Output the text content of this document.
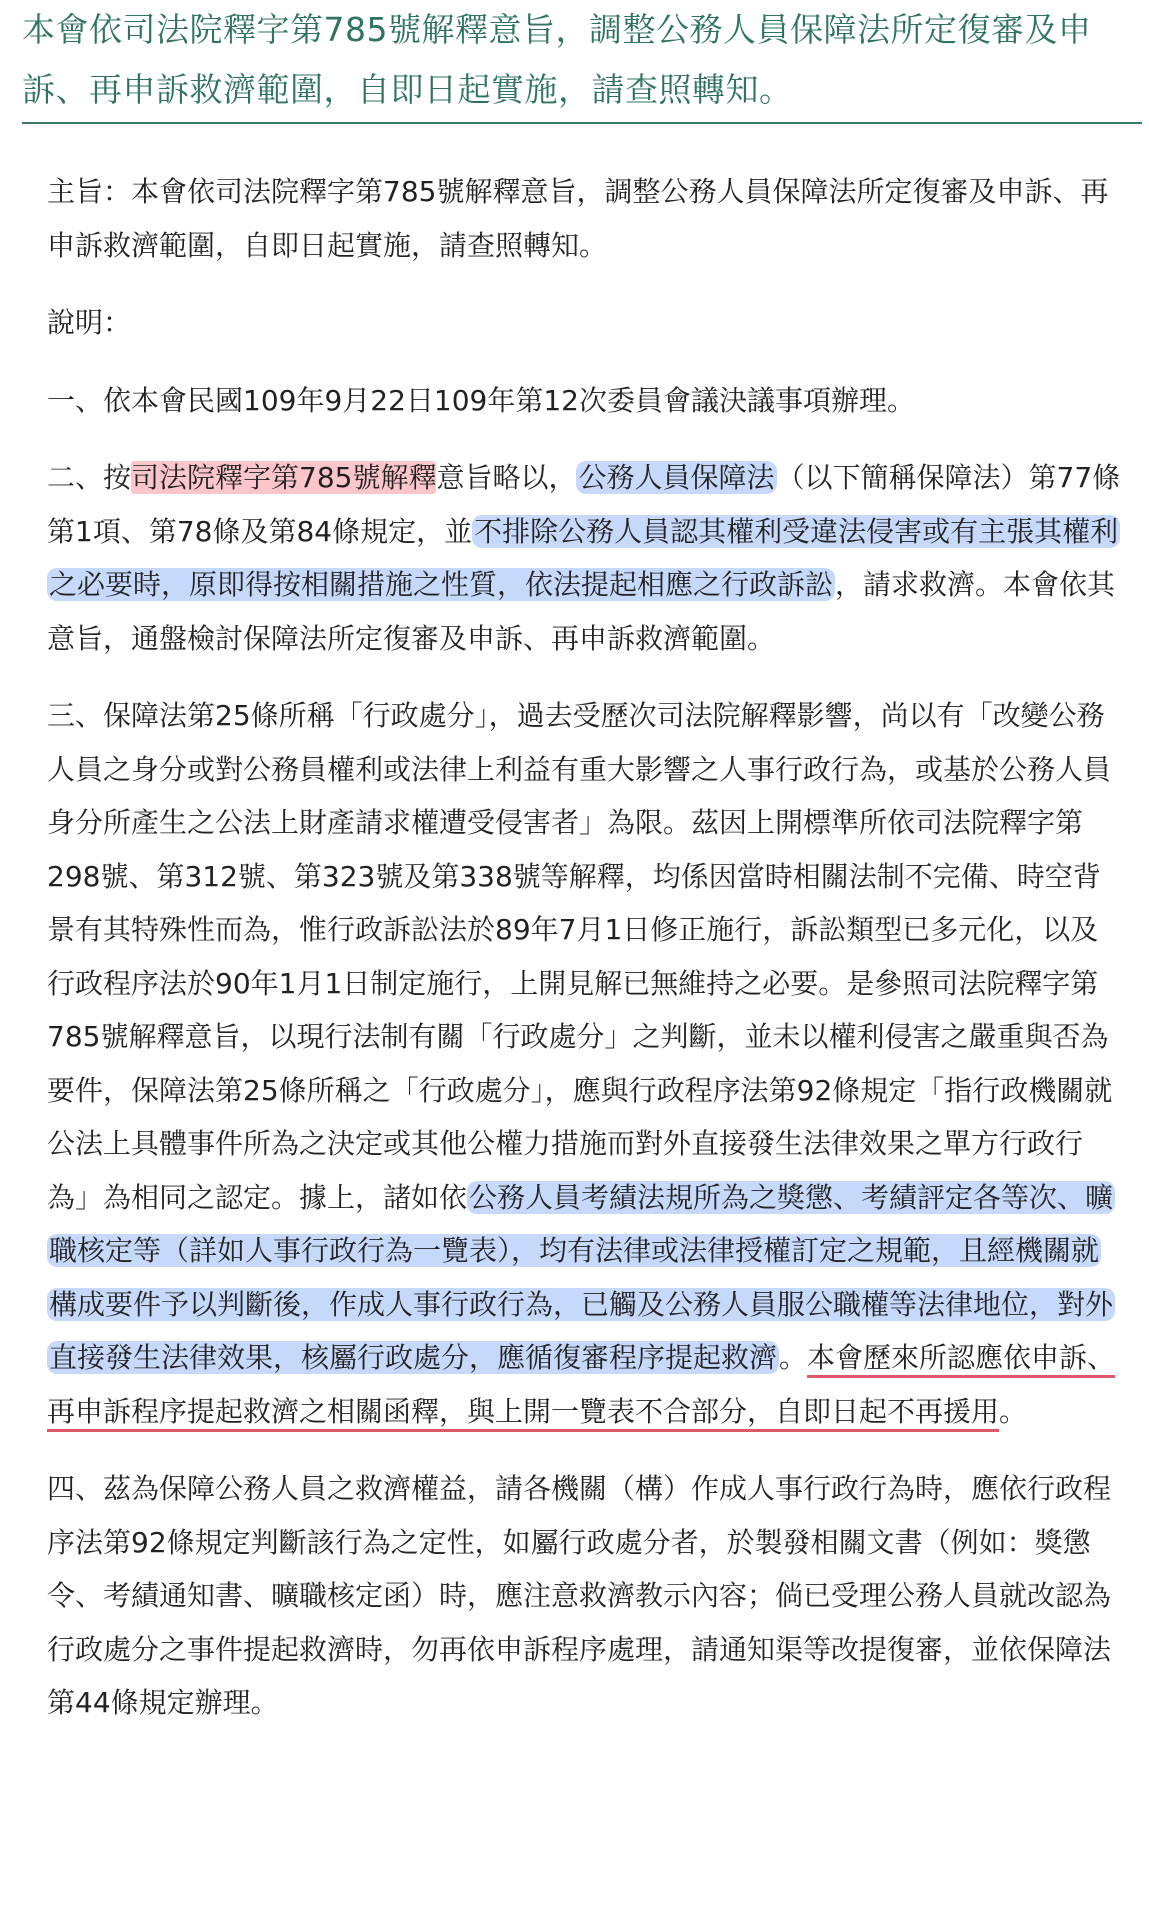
本會依司法院釋字第785號解釋意旨，調整公務人員保障法所定復審及申訴、再申訴救濟範圍，自即日起實施，請查照轉知。

主旨：本會依司法院釋字第785號解釋意旨，調整公務人員保障法所定復審及申訴、再申訴救濟範圍，自即日起實施，請查照轉知。

說明：

一、依本會民國109年9月22日109年第12次委員會議決議事項辦理。

二、按司法院釋字第785號解釋意旨略以，公務人員保障法（以下簡稱保障法）第77條第1項、第78條及第84條規定，並不排除公務人員認其權利受違法侵害或有主張其權利之必要時，原即得按相關措施之性質，依法提起相應之行政訴訟，請求救濟。本會依其意旨，通盤檢討保障法所定復審及申訴、再申訴救濟範圍。

三、保障法第25條所稱「行政處分」，過去受歷次司法院解釋影響，尚以有「改變公務人員之身分或對公務員權利或法律上利益有重大影響之人事行政行為，或基於公務人員身分所產生之公法上財產請求權遭受侵害者」為限。茲因上開標準所依司法院釋字第298號、第312號、第323號及第338號等解釋，均係因當時相關法制不完備、時空背景有其特殊性而為，惟行政訴訟法於89年7月1日修正施行，訴訟類型已多元化，以及行政程序法於90年1月1日制定施行，上開見解已無維持之必要。是參照司法院釋字第785號解釋意旨，以現行法制有關「行政處分」之判斷，並未以權利侵害之嚴重與否為要件，保障法第25條所稱之「行政處分」，應與行政程序法第92條規定「指行政機關就公法上具體事件所為之決定或其他公權力措施而對外直接發生法律效果之單方行政行為」為相同之認定。據上，諸如依公務人員考績法規所為之獎懲、考績評定各等次、曠職核定等（詳如人事行政行為一覽表），均有法律或法律授權訂定之規範，且經機關就構成要件予以判斷後，作成人事行政行為，已觸及公務人員服公職權等法律地位，對外直接發生法律效果，核屬行政處分，應循復審程序提起救濟。本會歷來所認應依申訴、再申訴程序提起救濟之相關函釋，與上開一覽表不合部分，自即日起不再援用。

四、茲為保障公務人員之救濟權益，請各機關（構）作成人事行政行為時，應依行政程序法第92條規定判斷該行為之定性，如屬行政處分者，於製發相關文書（例如：獎懲令、考績通知書、曠職核定函）時，應注意救濟教示內容；倘已受理公務人員就改認為行政處分之事件提起救濟時，勿再依申訴程序處理，請通知渠等改提復審，並依保障法第44條規定辦理。
